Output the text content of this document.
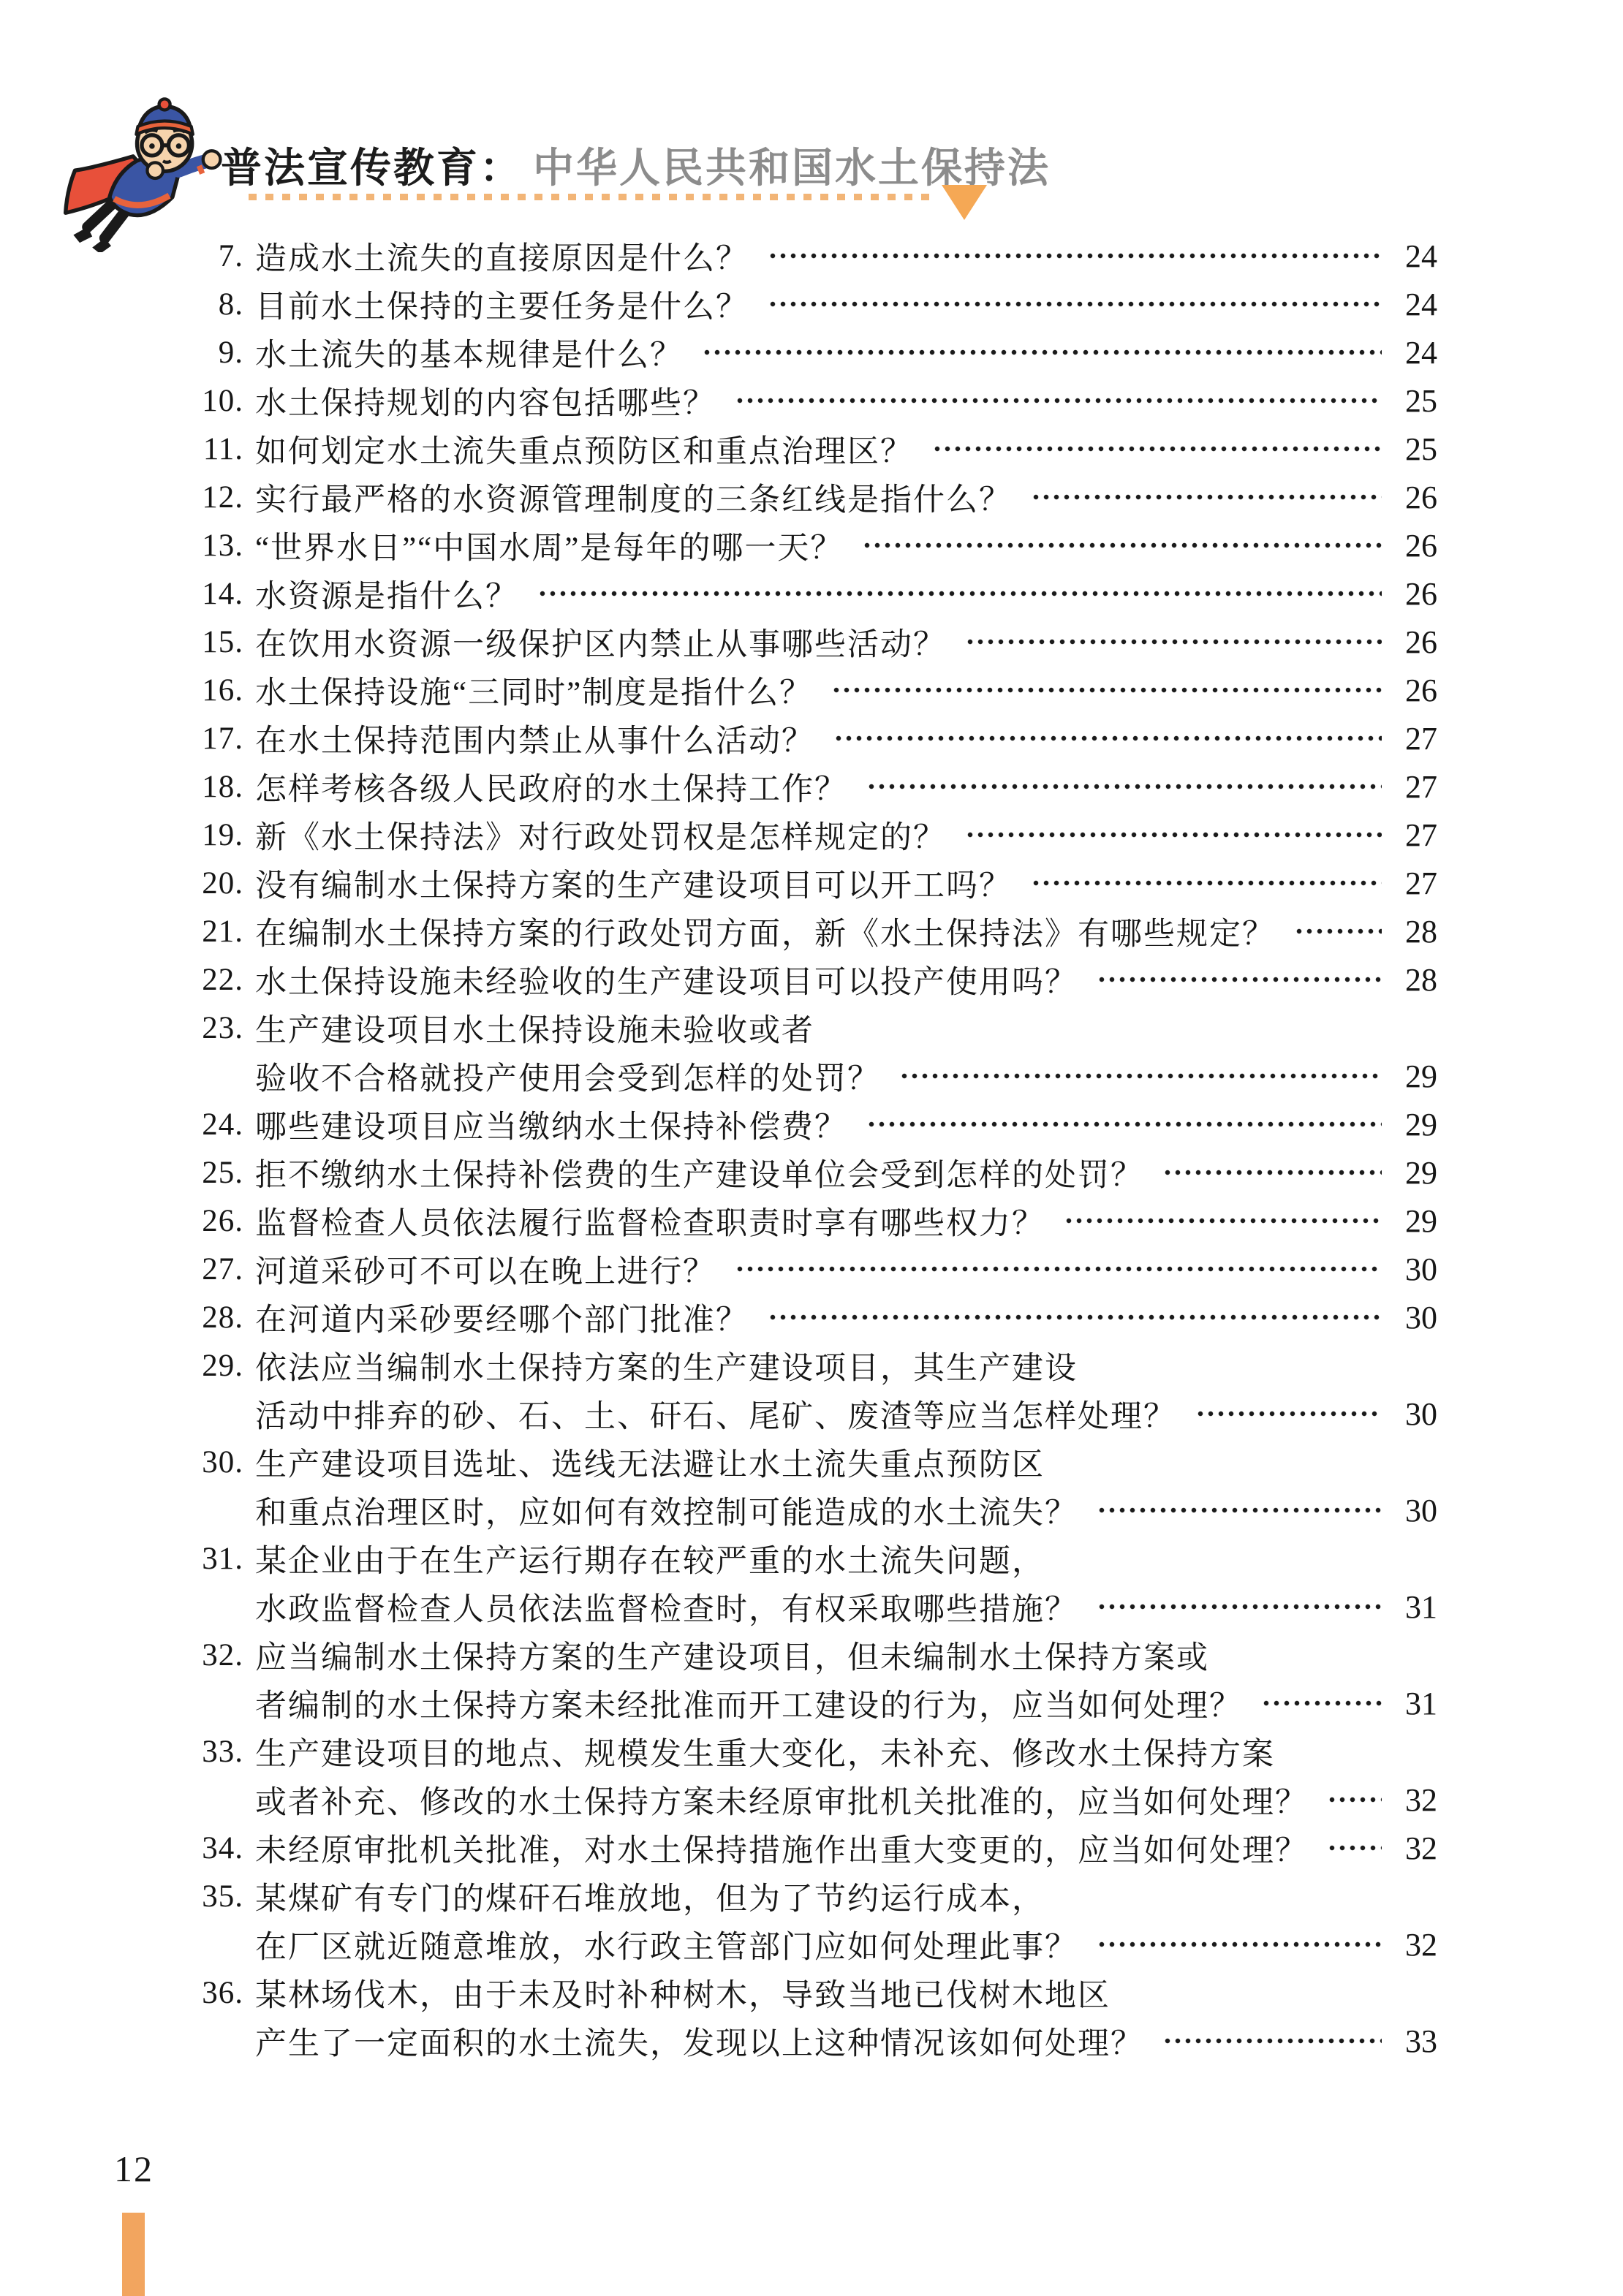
普法宣传教育： 中华人民共和国水土保持法
7. 造成水土流失的直接原因是什么？	24
8. 目前水土保持的主要任务是什么？	24
9. 水土流失的基本规律是什么？	24
10. 水土保持规划的内容包括哪些？	25
11. 如何划定水土流失重点预防区和重点治理区？	25
12. 实行最严格的水资源管理制度的三条红线是指什么？	26
13. “世界水日”“中国水周”是每年的哪一天？	26
14. 水资源是指什么？	26
15. 在饮用水资源一级保护区内禁止从事哪些活动？	26
16. 水土保持设施“三同时”制度是指什么？	26
17. 在水土保持范围内禁止从事什么活动？	27
18. 怎样考核各级人民政府的水土保持工作？	27
19. 新《水土保持法》对行政处罚权是怎样规定的？	27
20. 没有编制水土保持方案的生产建设项目可以开工吗？	27
21. 在编制水土保持方案的行政处罚方面，新《水土保持法》有哪些规定？	28
22. 水土保持设施未经验收的生产建设项目可以投产使用吗？	28
23. 生产建设项目水土保持设施未验收或者
验收不合格就投产使用会受到怎样的处罚？	29
24. 哪些建设项目应当缴纳水土保持补偿费？	29
25. 拒不缴纳水土保持补偿费的生产建设单位会受到怎样的处罚？	29
26. 监督检查人员依法履行监督检查职责时享有哪些权力？	29
27. 河道采砂可不可以在晚上进行？	30
28. 在河道内采砂要经哪个部门批准？	30
29. 依法应当编制水土保持方案的生产建设项目，其生产建设
活动中排弃的砂、石、土、矸石、尾矿、废渣等应当怎样处理？	30
30. 生产建设项目选址、选线无法避让水土流失重点预防区
和重点治理区时，应如何有效控制可能造成的水土流失？	30
31. 某企业由于在生产运行期存在较严重的水土流失问题，
水政监督检查人员依法监督检查时，有权采取哪些措施？	31
32. 应当编制水土保持方案的生产建设项目，但未编制水土保持方案或
者编制的水土保持方案未经批准而开工建设的行为，应当如何处理？	31
33. 生产建设项目的地点、规模发生重大变化，未补充、修改水土保持方案
或者补充、修改的水土保持方案未经原审批机关批准的，应当如何处理？	32
34. 未经原审批机关批准，对水土保持措施作出重大变更的，应当如何处理？	32
35. 某煤矿有专门的煤矸石堆放地，但为了节约运行成本，
在厂区就近随意堆放，水行政主管部门应如何处理此事？	32
36. 某林场伐木，由于未及时补种树木，导致当地已伐树木地区
产生了一定面积的水土流失，发现以上这种情况该如何处理？	33
12
